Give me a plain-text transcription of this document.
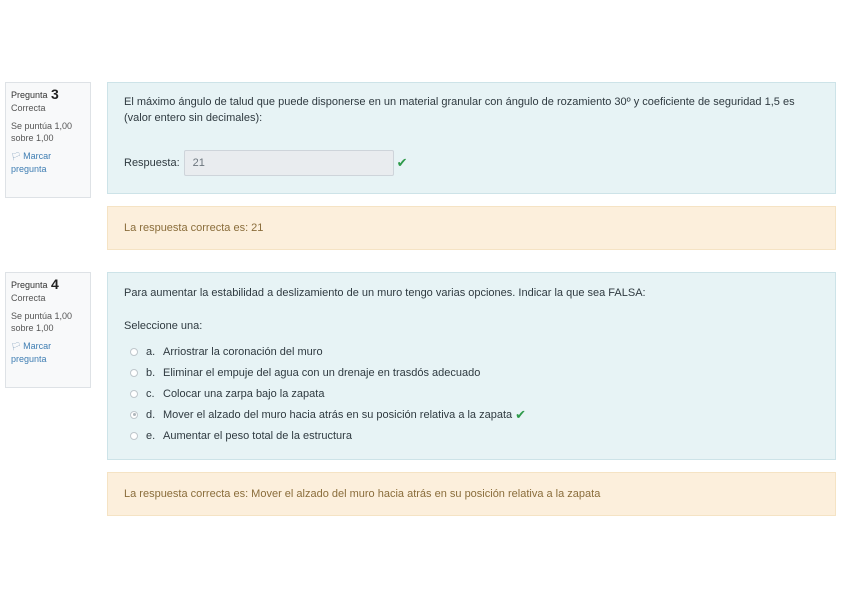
Pregunta 3
Correcta
Se puntúa 1,00 sobre 1,00
🏳 Marcar pregunta
El máximo ángulo de talud que puede disponerse en un material granular con ángulo de rozamiento 30º y coeficiente de seguridad 1,5 es (valor entero sin decimales):
Respuesta:	21	✔
La respuesta correcta es: 21
Pregunta 4
Correcta
Se puntúa 1,00 sobre 1,00
🏳 Marcar pregunta
Para aumentar la estabilidad a deslizamiento de un muro tengo varias opciones. Indicar la que sea FALSA:
Seleccione una:
a. Arriostrar la coronación del muro
b. Eliminar el empuje del agua con un drenaje en trasdós adecuado
c. Colocar una zarpa bajo la zapata
d. Mover el alzado del muro hacia atrás en su posición relativa a la zapata ✔
e. Aumentar el peso total de la estructura
La respuesta correcta es: Mover el alzado del muro hacia atrás en su posición relativa a la zapata
